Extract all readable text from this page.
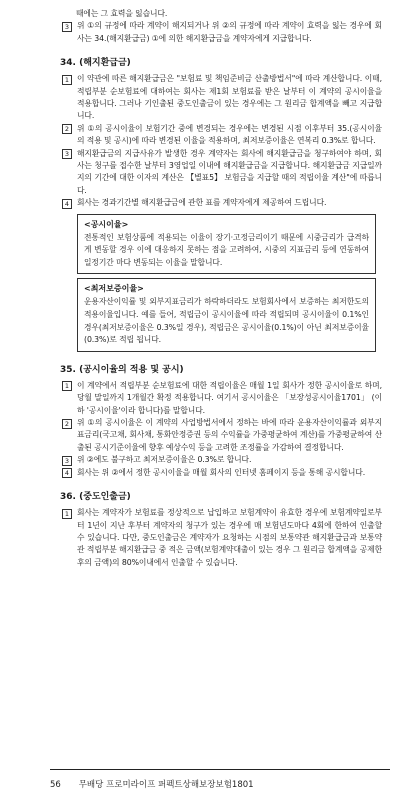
때에는 그 효력을 잃습니다.

3	위 ①의 규정에 따라 계약이 해지되거나 위 ②의 규정에 따라 계약이 효력을 잃는 경우에 회사는 34.(해지환급금) ①에 의한 해지환급금을 계약자에게 지급합니다.
34. (해지환급금)
1	이 약관에 따른 해지환급금은 "보험료 및 책임준비금 산출방법서"에 따라 계산합니다. 이때, 적립부분 순보험료에 대하여는 회사는 제1회 보험료를 받은 날부터 이 계약의 공시이율을 적용합니다. 그러나 기인출된 중도인출금이 있는 경우에는 그 원리금 합계액을 빼고 지급합니다.
2	위 ①의 공시이율이 보험기간 중에 변경되는 경우에는 변경된 시점 이후부터 35.(공시이율의 적용 및 공시)에 따라 변경된 이율을 적용하며, 최저보증이율은 연복리 0.3%로 합니다.
3	해지환급금의 지급사유가 발생한 경우 계약자는 회사에 해지환급금을 청구하여야 하며, 회사는 청구를 접수한 날부터 3영업일 이내에 해지환급금을 지급합니다. 해지환급금 지급일까지의 기간에 대한 이자의 계산은 【별표5】 보험금을 지급할 때의 적립이율 계산"에 따릅니다.
4	회사는 경과기간별 해지환급금에 관한 표를 계약자에게 제공하여 드립니다.

<공시이율>

전통적인 보험상품에 적용되는 이율이 장기·고정금리이기 때문에 시중금리가 급격하게 변동할 경우 이에 대응하지 못하는 점을 고려하여, 시중의 지표금리 등에 연동하여 일정기간 마다 변동되는 이율을 말합니다.

<최저보증이율>

운용자산이익률 및 외부지표금리가 하락하더라도 보험회사에서 보증하는 최저한도의 적용이율입니다. 예를 들어, 적립금이 공시이율에 따라 적립되며 공시이율이 0.1%인 경우(최저보증이율은 0.3%일 경우), 적립금은 공시이율(0.1%)이 아닌 최저보증이율(0.3%)로 적립 됩니다.

35. (공시이율의 적용 및 공시)
1	이 계약에서 적립부분 순보험료에 대한 적립이율은 매월 1일 회사가 정한 공시이율로 하며, 당월 말일까지 1개월간 확정 적용합니다. 여기서 공시이율은 「보장성공시이율1701」 (이하 '공시이율'이라 합니다)를 말합니다.
2	위 ①의 공시이율은 이 계약의 사업방법서에서 정하는 바에 따라 운용자산이익률과 외부지표금리(국고채, 회사채, 통화안정증권 등의 수익률을 가중평균하여 계산)를 가중평균하여 산출된 공시기준이율에 향후 예상수익 등을 고려한 조정률을 가감하여 결정합니다.
3	위 ②에도 불구하고 최저보증이율은 0.3%로 합니다.
4	회사는 위 ②에서 정한 공시이율을 매월 회사의 인터넷 홈페이지 등을 통해 공시합니다.
36. (중도인출금)
1	회사는 계약자가 보험료를 정상적으로 납입하고 보험계약이 유효한 경우에 보험계약일로부터 1년이 지난 후부터 계약자의 청구가 있는 경우에 매 보험년도마다 4회에 한하여 인출할 수 있습니다. 다만, 중도인출금은 계약자가 요청하는 시점의 보통약관 해지환급금과 보통약관 적립부분 해지환급금 중 적은 금액(보험계약대출이 있는 경우 그 원리금 합계액을 공제한 후의 금액)의 80%이내에서 인출할 수 있습니다.
56 무배당 프로미라이프 퍼펙트상해보장보험1801
